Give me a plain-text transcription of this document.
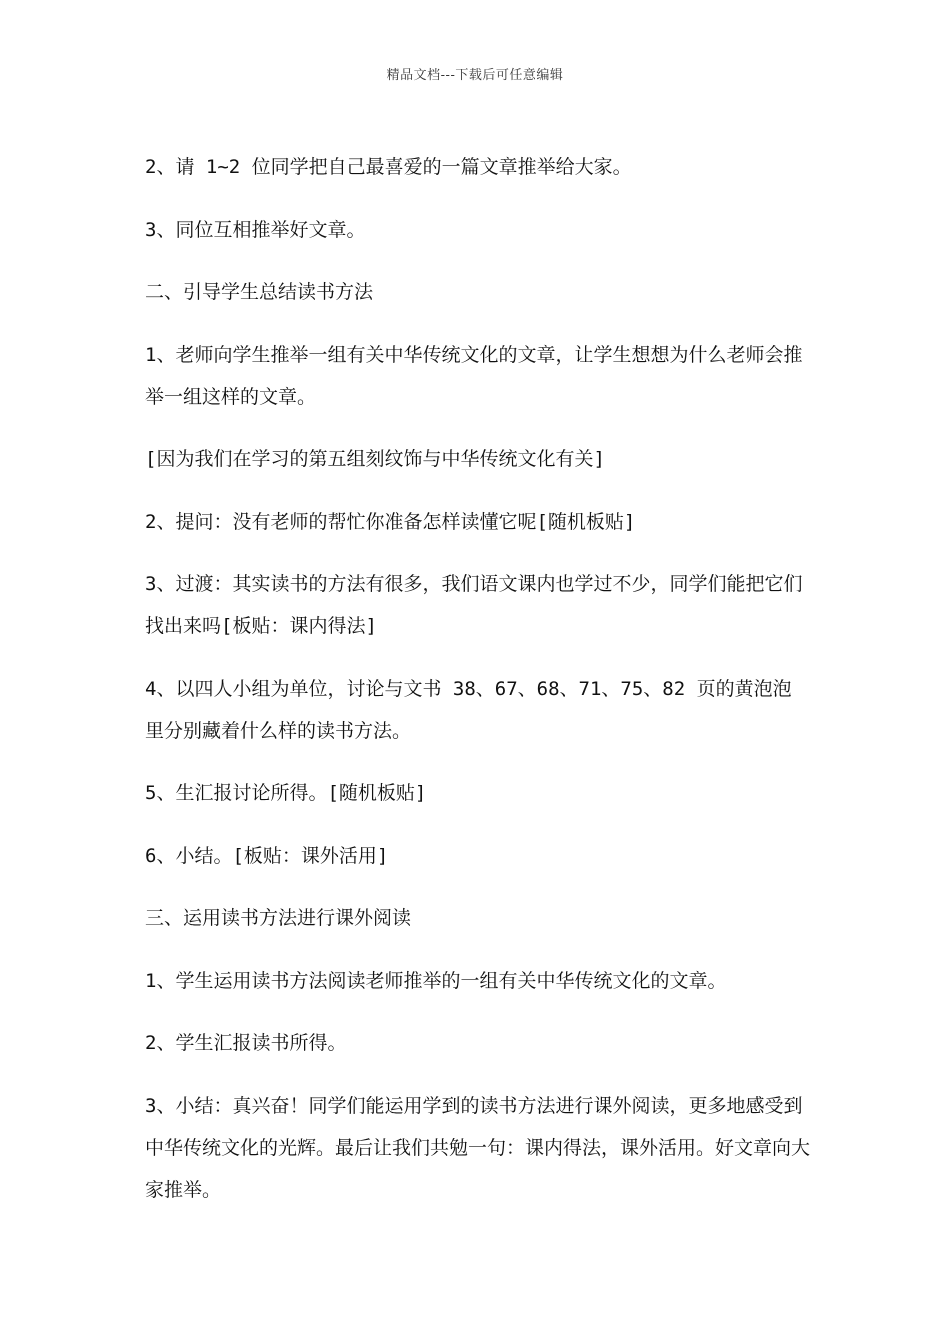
精品文档---下载后可任意编辑

2、请 1~2 位同学把自己最喜爱的一篇文章推举给大家。

3、同位互相推举好文章。

二、引导学生总结读书方法

1、老师向学生推举一组有关中华传统文化的文章，让学生想想为什么老师会推举一组这样的文章。

[因为我们在学习的第五组刻纹饰与中华传统文化有关]

2、提问：没有老师的帮忙你准备怎样读懂它呢[随机板贴]

3、过渡：其实读书的方法有很多，我们语文课内也学过不少，同学们能把它们找出来吗[板贴：课内得法]

4、以四人小组为单位，讨论与文书 38、67、68、71、75、82 页的黄泡泡里分别藏着什么样的读书方法。

5、生汇报讨论所得。[随机板贴]

6、小结。[板贴：课外活用]

三、运用读书方法进行课外阅读

1、学生运用读书方法阅读老师推举的一组有关中华传统文化的文章。

2、学生汇报读书所得。

3、小结：真兴奋！同学们能运用学到的读书方法进行课外阅读，更多地感受到中华传统文化的光辉。最后让我们共勉一句：课内得法，课外活用。好文章向大家推举。
